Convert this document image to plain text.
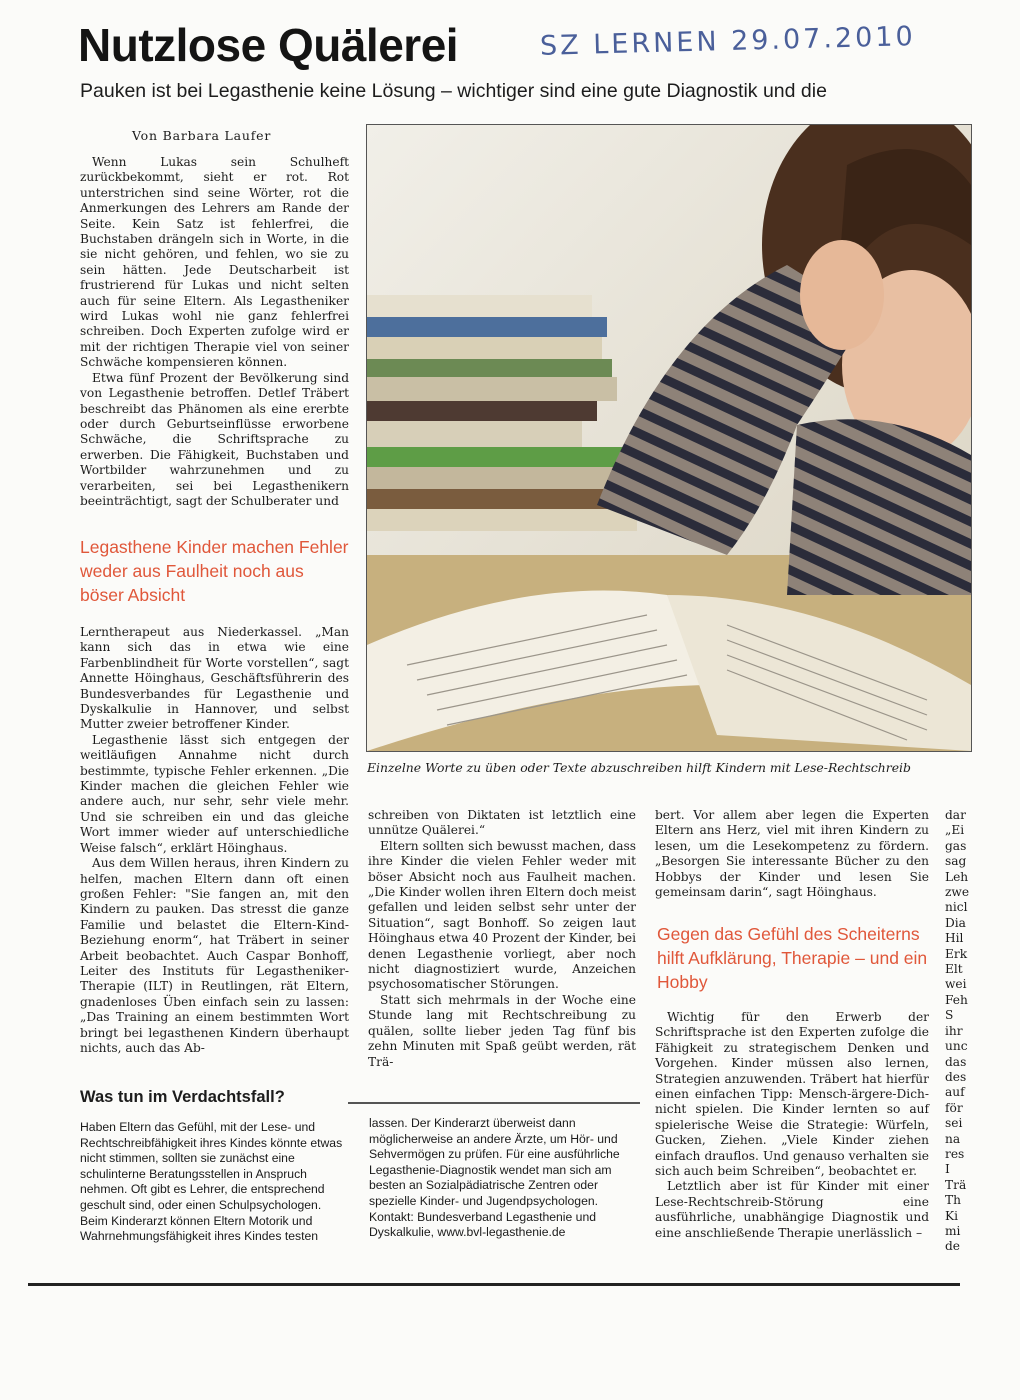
Nutzlose Quälerei	SZ LERNEN 29.07.2010
Pauken ist bei Legasthenie keine Lösung – wichtiger sind eine gute Diagnostik und die
Von Barbara Laufer

Wenn Lukas sein Schulheft zurückbekommt, sieht er rot. Rot unterstrichen sind seine Wörter, rot die Anmerkungen des Lehrers am Rande der Seite. Kein Satz ist fehlerfrei, die Buchstaben drängeln sich in Worte, in die sie nicht gehören, und fehlen, wo sie zu sein hätten. Jede Deutscharbeit ist frustrierend für Lukas und nicht selten auch für seine Eltern. Als Legastheniker wird Lukas wohl nie ganz fehlerfrei schreiben. Doch Experten zufolge wird er mit der richtigen Therapie viel von seiner Schwäche kompensieren können.

Etwa fünf Prozent der Bevölkerung sind von Legasthenie betroffen. Detlef Träbert beschreibt das Phänomen als eine ererbte oder durch Geburtseinflüsse erworbene Schwäche, die Schriftsprache zu erwerben. Die Fähigkeit, Buchstaben und Wortbilder wahrzunehmen und zu verarbeiten, sei bei Legasthenikern beeinträchtigt, sagt der Schulberater und

Legasthene Kinder machen Fehler weder aus Faulheit noch aus böser Absicht

Lerntherapeut aus Niederkassel. „Man kann sich das in etwa wie eine Farbenblindheit für Worte vorstellen“, sagt Annette Höinghaus, Geschäftsführerin des Bundesverbandes für Legasthenie und Dyskalkulie in Hannover, und selbst Mutter zweier betroffener Kinder.

Legasthenie lässt sich entgegen der weitläufigen Annahme nicht durch bestimmte, typische Fehler erkennen. „Die Kinder machen die gleichen Fehler wie andere auch, nur sehr, sehr viele mehr. Und sie schreiben ein und das gleiche Wort immer wieder auf unterschiedliche Weise falsch“, erklärt Höinghaus.

Aus dem Willen heraus, ihren Kindern zu helfen, machen Eltern dann oft einen großen Fehler: "Sie fangen an, mit den Kindern zu pauken. Das stresst die ganze Familie und belastet die Eltern-Kind-Beziehung enorm“, hat Träbert in seiner Arbeit beobachtet. Auch Caspar Bonhoff, Leiter des Instituts für Legastheniker-Therapie (ILT) in Reutlingen, rät Eltern, gnadenloses Üben einfach sein zu lassen: „Das Training an einem bestimmten Wort bringt bei legasthenen Kindern überhaupt nichts, auch das Ab-

Einzelne Worte zu üben oder Texte abzuschreiben hilft Kindern mit Lese-Rechtschreib

schreiben von Diktaten ist letztlich eine unnütze Quälerei.“

Eltern sollten sich bewusst machen, dass ihre Kinder die vielen Fehler weder mit böser Absicht noch aus Faulheit machen. „Die Kinder wollen ihren Eltern doch meist gefallen und leiden selbst sehr unter der Situation“, sagt Bonhoff. So zeigen laut Höinghaus etwa 40 Prozent der Kinder, bei denen Legasthenie vorliegt, aber noch nicht diagnostiziert wurde, Anzeichen psychosomatischer Störungen.

Statt sich mehrmals in der Woche eine Stunde lang mit Rechtschreibung zu quälen, sollte lieber jeden Tag fünf bis zehn Minuten mit Spaß geübt werden, rät Trä-

bert. Vor allem aber legen die Experten Eltern ans Herz, viel mit ihren Kindern zu lesen, um die Lesekompetenz zu fördern. „Besorgen Sie interessante Bücher zu den Hobbys der Kinder und lesen Sie gemeinsam darin“, sagt Höinghaus.

Gegen das Gefühl des Scheiterns hilft Aufklärung, Therapie – und ein Hobby

Wichtig für den Erwerb der Schriftsprache ist den Experten zufolge die Fähigkeit zu strategischem Denken und Vorgehen. Kinder müssen also lernen, Strategien anzuwenden. Träbert hat hierfür einen einfachen Tipp: Mensch-ärgere-Dich-nicht spielen. Die Kinder lernten so auf spielerische Weise die Strategie: Würfeln, Gucken, Ziehen. „Viele Kinder ziehen einfach drauflos. Und genauso verhalten sie sich auch beim Schreiben“, beobachtet er.

Letztlich aber ist für Kinder mit einer Lese-Rechtschreib-Störung eine ausführliche, unabhängige Diagnostik und eine anschließende Therapie unerlässlich –

dar
„Ei
gas
sag
Leh
zwe
nicl
Dia
Hil
Erk
Elt
wei
Feh
S
ihr
unc
das
des
auf
för
sei
na
res
I
Trä
Th
Ki
mi
de
Was tun im Verdachtsfall?
Haben Eltern das Gefühl, mit der Lese- und Rechtschreibfähigkeit ihres Kindes könnte etwas nicht stimmen, sollten sie zunächst eine schulinterne Beratungsstellen in Anspruch nehmen. Oft gibt es Lehrer, die entsprechend geschult sind, oder einen Schulpsychologen. Beim Kinderarzt können Eltern Motorik und Wahrnehmungsfähigkeit ihres Kindes testen
lassen. Der Kinderarzt überweist dann möglicherweise an andere Ärzte, um Hör- und Sehvermögen zu prüfen. Für eine ausführliche Legasthenie-Diagnostik wendet man sich am besten an Sozialpädiatrische Zentren oder spezielle Kinder- und Jugendpsychologen. Kontakt: Bundesverband Legasthenie und Dyskalkulie, www.bvl-legasthenie.de
